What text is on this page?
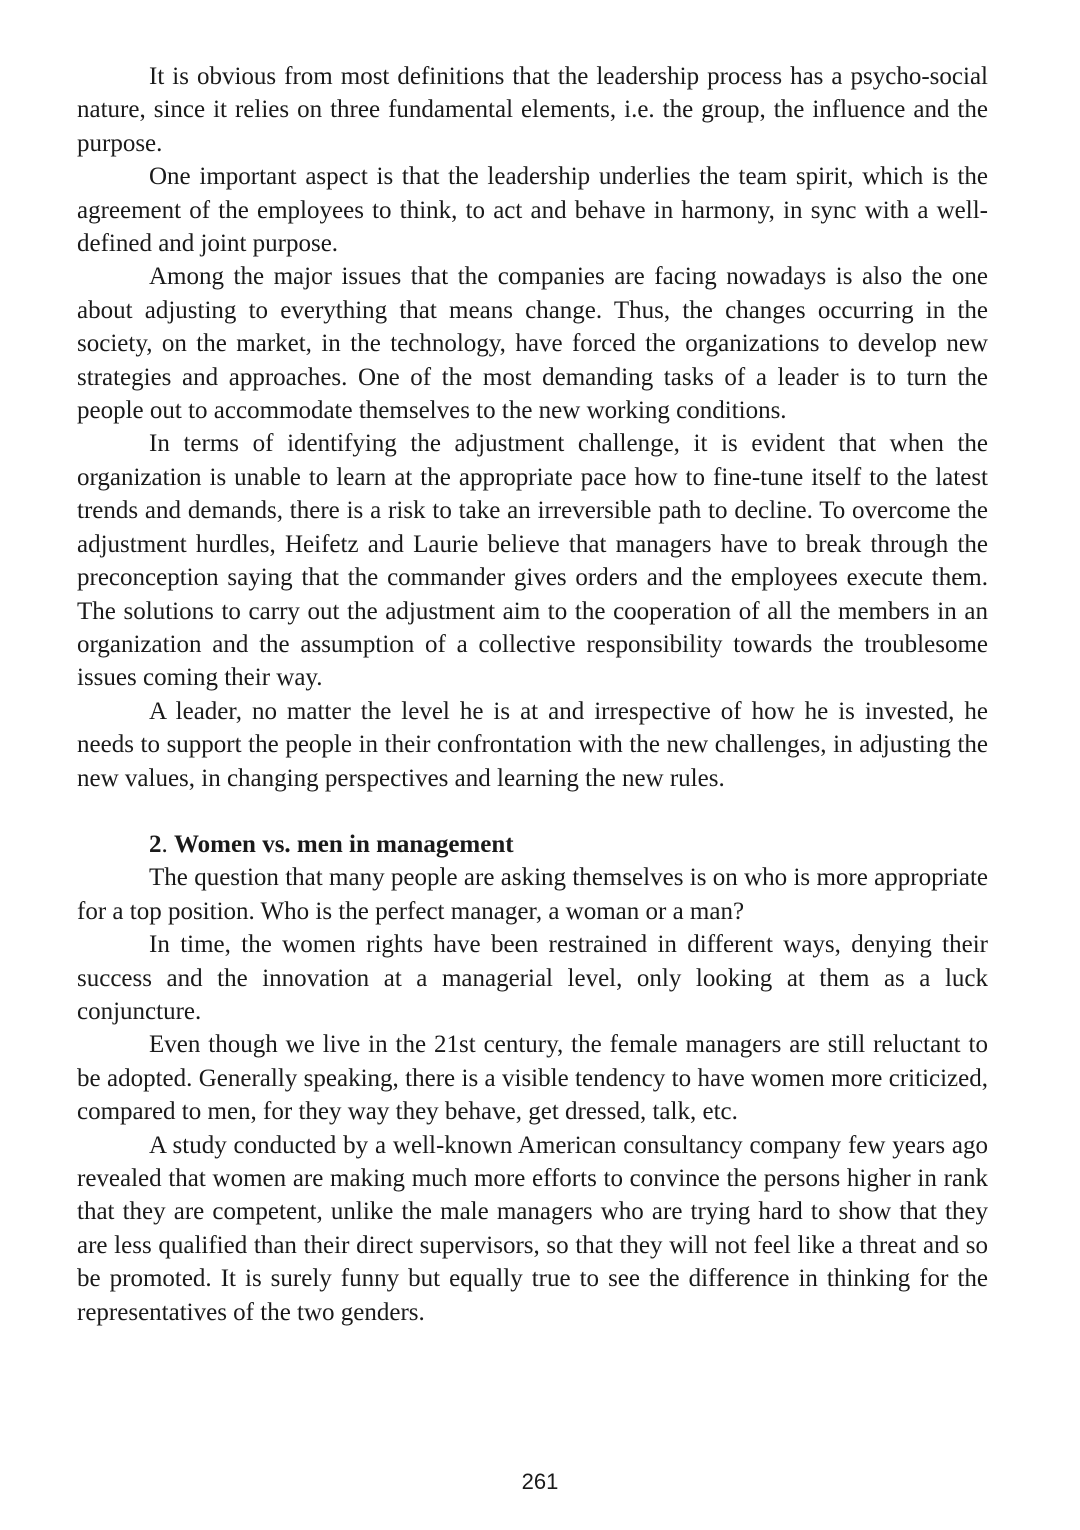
It is obvious from most definitions that the leadership process has a psycho-social nature, since it relies on three fundamental elements, i.e. the group, the influence and the purpose.

One important aspect is that the leadership underlies the team spirit, which is the agreement of the employees to think, to act and behave in harmony, in sync with a well-defined and joint purpose.

Among the major issues that the companies are facing nowadays is also the one about adjusting to everything that means change. Thus, the changes occurring in the society, on the market, in the technology, have forced the organizations to develop new strategies and approaches. One of the most demanding tasks of a leader is to turn the people out to accommodate themselves to the new working conditions.

In terms of identifying the adjustment challenge, it is evident that when the organization is unable to learn at the appropriate pace how to fine-tune itself to the latest trends and demands, there is a risk to take an irreversible path to decline. To overcome the adjustment hurdles, Heifetz and Laurie believe that managers have to break through the preconception saying that the commander gives orders and the employees execute them. The solutions to carry out the adjustment aim to the cooperation of all the members in an organization and the assumption of a collective responsibility towards the troublesome issues coming their way.

A leader, no matter the level he is at and irrespective of how he is invested, he needs to support the people in their confrontation with the new challenges, in adjusting the new values, in changing perspectives and learning the new rules.

2. Women vs. men in management

The question that many people are asking themselves is on who is more appropriate for a top position. Who is the perfect manager, a woman or a man?

In time, the women rights have been restrained in different ways, denying their success and the innovation at a managerial level, only looking at them as a luck conjuncture.

Even though we live in the 21st century, the female managers are still reluctant to be adopted. Generally speaking, there is a visible tendency to have women more criticized, compared to men, for they way they behave, get dressed, talk, etc.

A study conducted by a well-known American consultancy company few years ago revealed that women are making much more efforts to convince the persons higher in rank that they are competent, unlike the male managers who are trying hard to show that they are less qualified than their direct supervisors, so that they will not feel like a threat and so be promoted. It is surely funny but equally true to see the difference in thinking for the representatives of the two genders.

261
